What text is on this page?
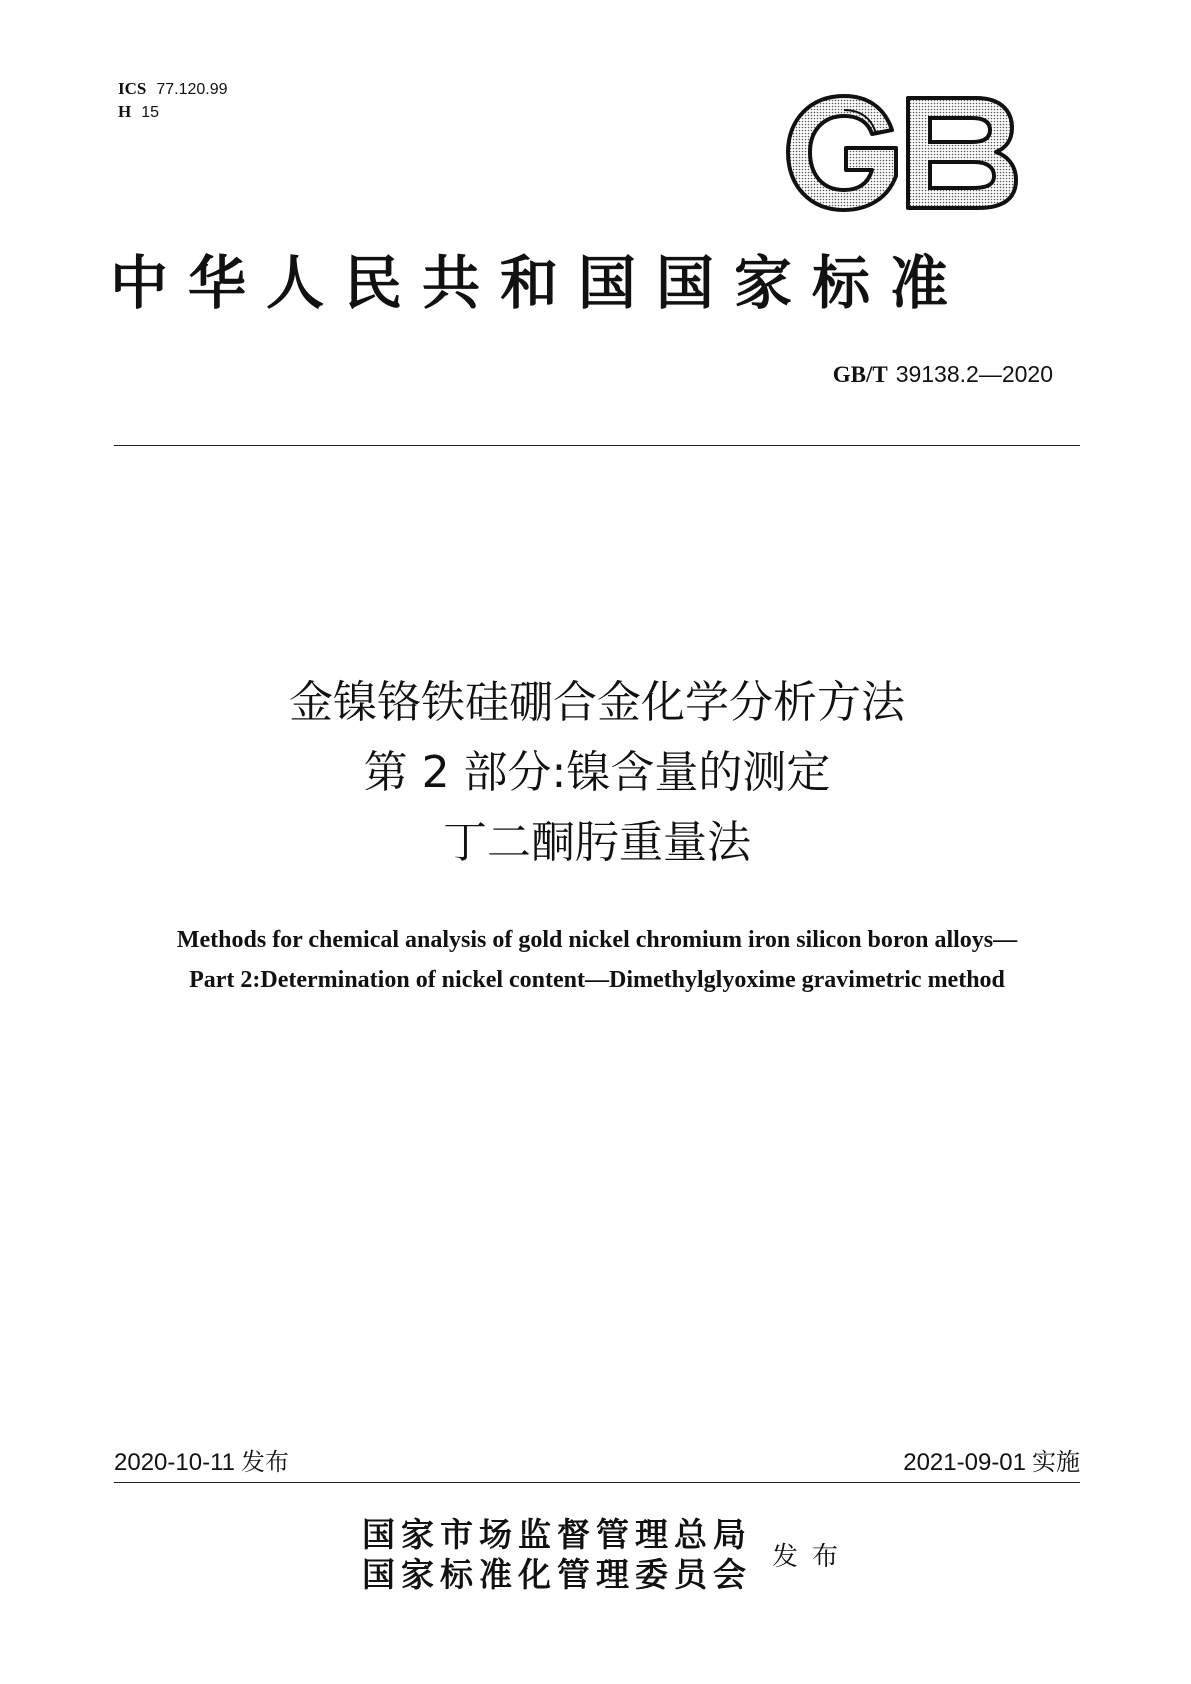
ICS 77.120.99
H 15
中华人民共和国国家标准
GB/T 39138.2—2020
金镍铬铁硅硼合金化学分析方法
第 2 部分:镍含量的测定
丁二酮肟重量法
Methods for chemical analysis of gold nickel chromium iron silicon boron alloys—
Part 2:Determination of nickel content—Dimethylglyoxime gravimetric method
2020-10-11 发布	2021-09-01 实施
国家市场监督管理总局
国家标准化管理委员会 发布
